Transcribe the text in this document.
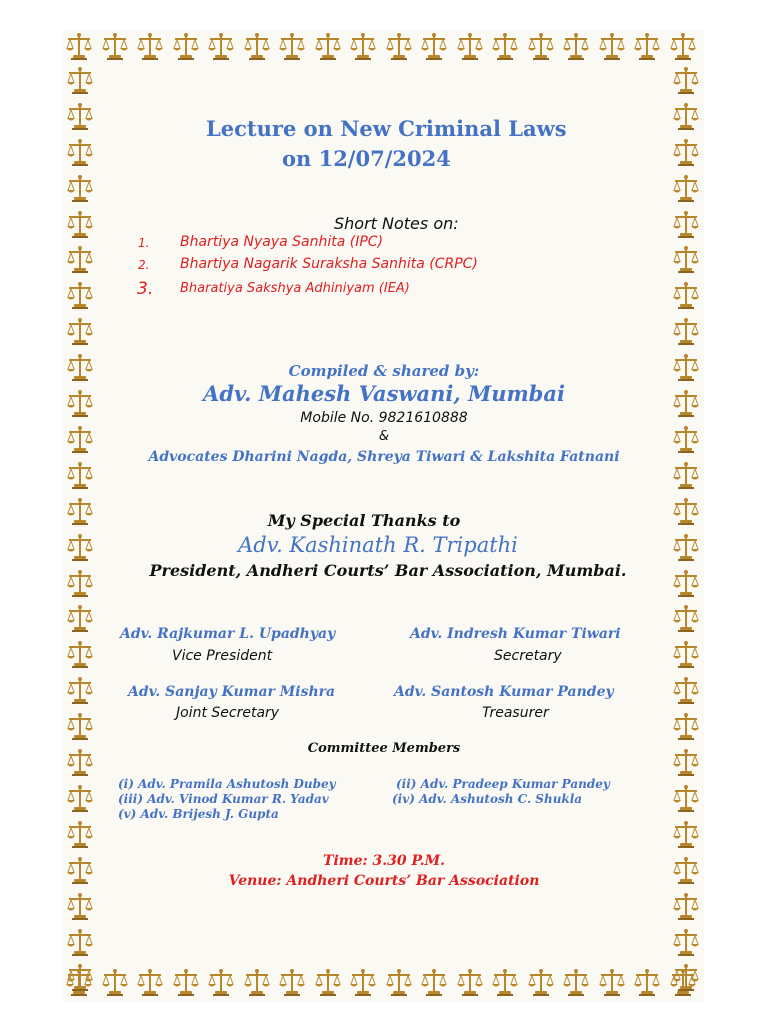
Lecture on New Criminal Laws
on 12/07/2024
Short Notes on:
1. Bhartiya Nyaya Sanhita (IPC)
2. Bhartiya Nagarik Suraksha Sanhita (CRPC)
3. Bharatiya Sakshya Adhiniyam (IEA)
Compiled & shared by:
Adv. Mahesh Vaswani, Mumbai
Mobile No. 9821610888
&
Advocates Dharini Nagda, Shreya Tiwari & Lakshita Fatnani
My Special Thanks to
Adv. Kashinath R. Tripathi
President, Andheri Courts’ Bar Association, Mumbai.
Adv. Rajkumar L. Upadhyay
Vice President
Adv. Indresh Kumar Tiwari
Secretary
Adv. Sanjay Kumar Mishra
Joint Secretary
Adv. Santosh Kumar Pandey
Treasurer
Committee Members
(i) Adv. Pramila Ashutosh Dubey	(ii) Adv. Pradeep Kumar Pandey
(iii) Adv. Vinod Kumar R. Yadav	(iv) Adv. Ashutosh C. Shukla
(v) Adv. Brijesh J. Gupta
Time: 3.30 P.M.
Venue: Andheri Courts’ Bar Association
